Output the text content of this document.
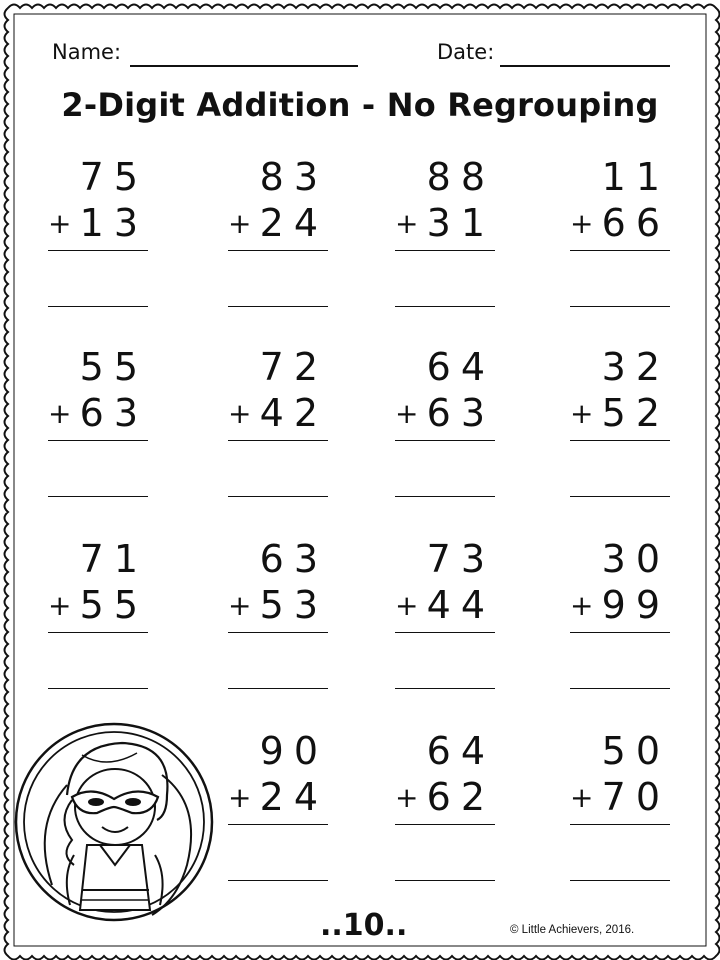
Name:	Date:
2-Digit Addition - No Regrouping
75
+ 13
83
+ 24
88
+ 31
11
+ 66
55
+ 63
72
+ 42
64
+ 63
32
+ 52
71
+ 55
63
+ 53
73
+ 44
30
+ 99
90
+ 24
64
+ 62
50
+ 70
..10..	© Little Achievers, 2016.
